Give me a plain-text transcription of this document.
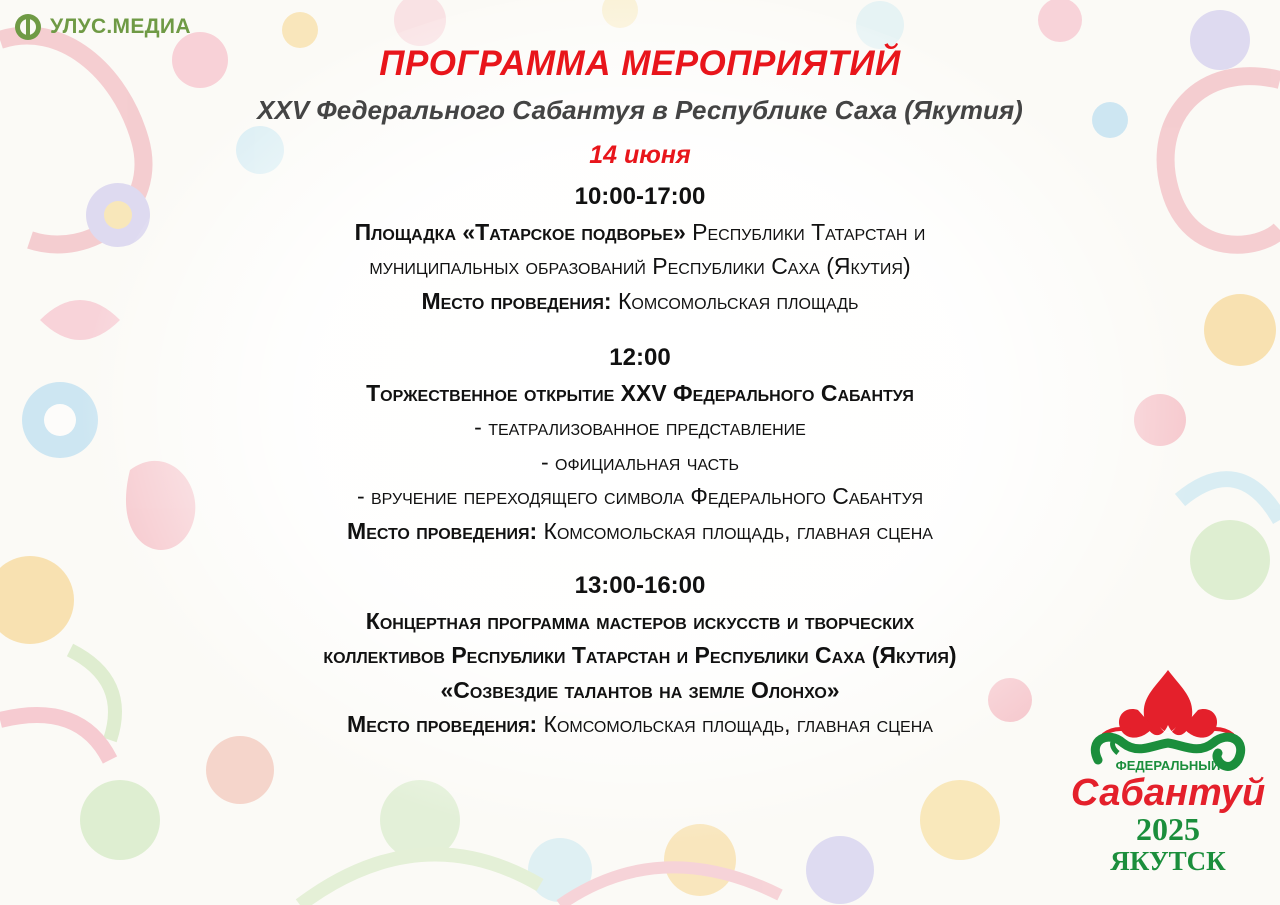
УЛУС.МЕДИА
ПРОГРАММА МЕРОПРИЯТИЙ
XXV Федерального Сабантуя в Республике Саха (Якутия)
14 июня
10:00-17:00
Площадка «Татарское подворье» Республики Татарстан и
муниципальных образований Республики Саха (Якутия)
Место проведения: Комсомольская площадь
12:00
Торжественное открытие XXV Федерального Сабантуя
- театрализованное представление
- официальная часть
- вручение переходящего символа Федерального Сабантуя
Место проведения: Комсомольская площадь, главная сцена
13:00-16:00
Концертная программа мастеров искусств и творческих
коллективов Республики Татарстан и Республики Саха (Якутия)
«Созвездие талантов на земле Олонхо»
Место проведения: Комсомольская площадь, главная сцена
ФЕДЕРАЛЬНЫЙ
Сабантуй
2025
ЯКУТСК
